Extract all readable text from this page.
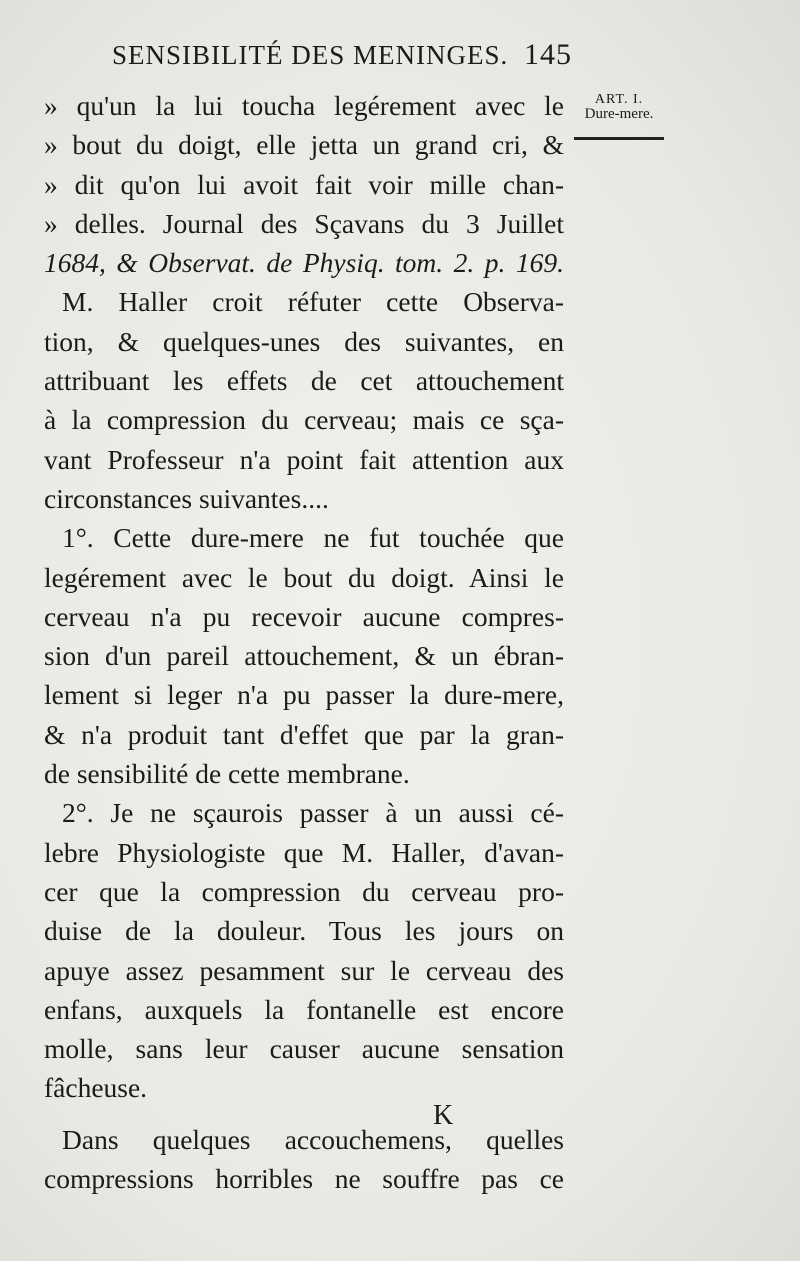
SENSIBILITÉ DES MENINGES. 145
ART. I.
Dure-mere.
» qu'un la lui toucha legérement avec le
» bout du doigt, elle jetta un grand cri, &
» dit qu'on lui avoit fait voir mille chan-
» delles. Journal des Sçavans du 3 Juillet
1684, & Observat. de Physiq. tom. 2. p. 169.
M. Haller croit réfuter cette Observa-
tion, & quelques-unes des suivantes, en
attribuant les effets de cet attouchement
à la compression du cerveau; mais ce sça-
vant Professeur n'a point fait attention aux
circonstances suivantes....
1°. Cette dure-mere ne fut touchée que
legérement avec le bout du doigt. Ainsi le
cerveau n'a pu recevoir aucune compres-
sion d'un pareil attouchement, & un ébran-
lement si leger n'a pu passer la dure-mere,
& n'a produit tant d'effet que par la gran-
de sensibilité de cette membrane.
2°. Je ne sçaurois passer à un aussi cé-
lebre Physiologiste que M. Haller, d'avan-
cer que la compression du cerveau pro-
duise de la douleur. Tous les jours on
apuye assez pesamment sur le cerveau des
enfans, auxquels la fontanelle est encore
molle, sans leur causer aucune sensation
fâcheuse.
Dans quelques accouchemens, quelles
compressions horribles ne souffre pas ce
K
